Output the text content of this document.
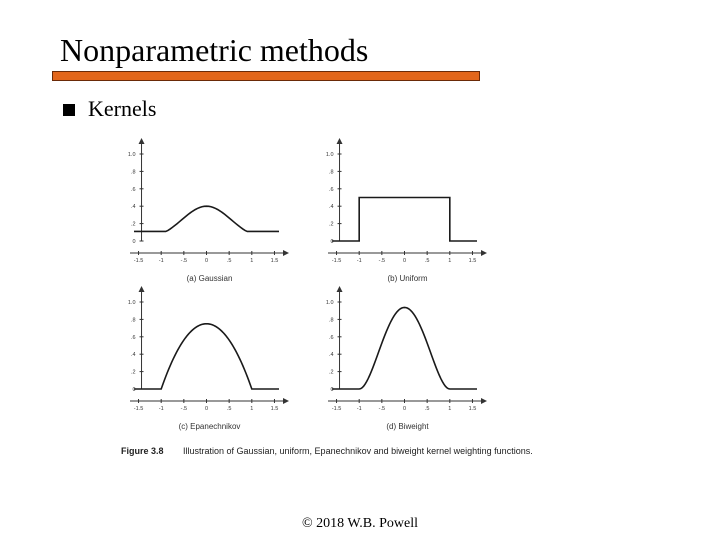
Nonparametric methods
Kernels
0
.2
.4
.6
.8
1.0
-1.5	-1	-.5	0	.5	1	1.5
(a) Gaussian
0
.2
.4
.6
.8
1.0
-1.5	-1	-.5	0	.5	1	1.5
(b) Uniform
0
.2
.4
.6
.8
1.0
-1.5	-1	-.5	0	.5	1	1.5
(c) Epanechnikov
0
.2
.4
.6
.8
1.0
-1.5	-1	-.5	0	.5	1	1.5
(d) Biweight
Figure 3.8 Illustration of Gaussian, uniform, Epanechnikov and biweight kernel weighting functions.
© 2018 W.B. Powell
